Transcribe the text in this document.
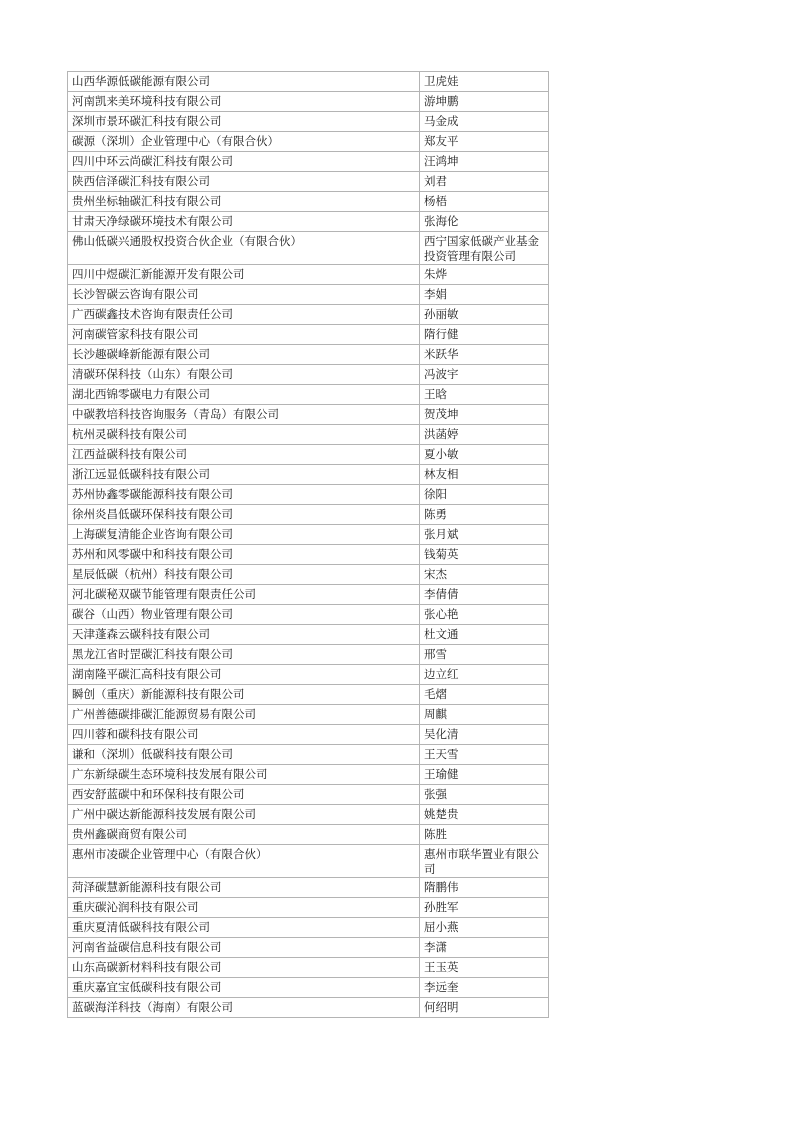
山西华源低碳能源有限公司	卫虎娃
河南凯来美环境科技有限公司	游坤鹏
深圳市景环碳汇科技有限公司	马金成
碳源（深圳）企业管理中心（有限合伙）	郑友平
四川中环云尚碳汇科技有限公司	汪鸿坤
陕西信泽碳汇科技有限公司	刘君
贵州坐标轴碳汇科技有限公司	杨梧
甘肃天净绿碳环境技术有限公司	张海伦
佛山低碳兴通股权投资合伙企业（有限合伙）	西宁国家低碳产业基金投资管理有限公司
四川中煜碳汇新能源开发有限公司	朱烨
长沙智碳云咨询有限公司	李娟
广西碳鑫技术咨询有限责任公司	孙丽敏
河南碳管家科技有限公司	隋行健
长沙趣碳峰新能源有限公司	米跃华
清碳环保科技（山东）有限公司	冯波宇
湖北西锦零碳电力有限公司	王晗
中碳教培科技咨询服务（青岛）有限公司	贺茂坤
杭州灵碳科技有限公司	洪菡婷
江西益碳科技有限公司	夏小敏
浙江远显低碳科技有限公司	林友相
苏州协鑫零碳能源科技有限公司	徐阳
徐州炎昌低碳环保科技有限公司	陈勇
上海碳复清能企业咨询有限公司	张月斌
苏州和风零碳中和科技有限公司	钱菊英
星辰低碳（杭州）科技有限公司	宋杰
河北碳秘双碳节能管理有限责任公司	李倩倩
碳谷（山西）物业管理有限公司	张心艳
天津蓬森云碳科技有限公司	杜文通
黑龙江省时罡碳汇科技有限公司	邢雪
湖南隆平碳汇高科技有限公司	边立红
瞬创（重庆）新能源科技有限公司	毛熠
广州善德碳排碳汇能源贸易有限公司	周麒
四川蓉和碳科技有限公司	吴化清
谦和（深圳）低碳科技有限公司	王天雪
广东新绿碳生态环境科技发展有限公司	王瑜健
西安舒蓝碳中和环保科技有限公司	张强
广州中碳达新能源科技发展有限公司	姚楚贵
贵州鑫碳商贸有限公司	陈胜
惠州市凌碳企业管理中心（有限合伙）	惠州市联华置业有限公司
菏泽碳慧新能源科技有限公司	隋鹏伟
重庆碳沁润科技有限公司	孙胜军
重庆夏清低碳科技有限公司	屈小燕
河南省益碳信息科技有限公司	李潇
山东高碳新材料科技有限公司	王玉英
重庆嘉宜宝低碳科技有限公司	李远奎
蓝碳海洋科技（海南）有限公司	何绍明
